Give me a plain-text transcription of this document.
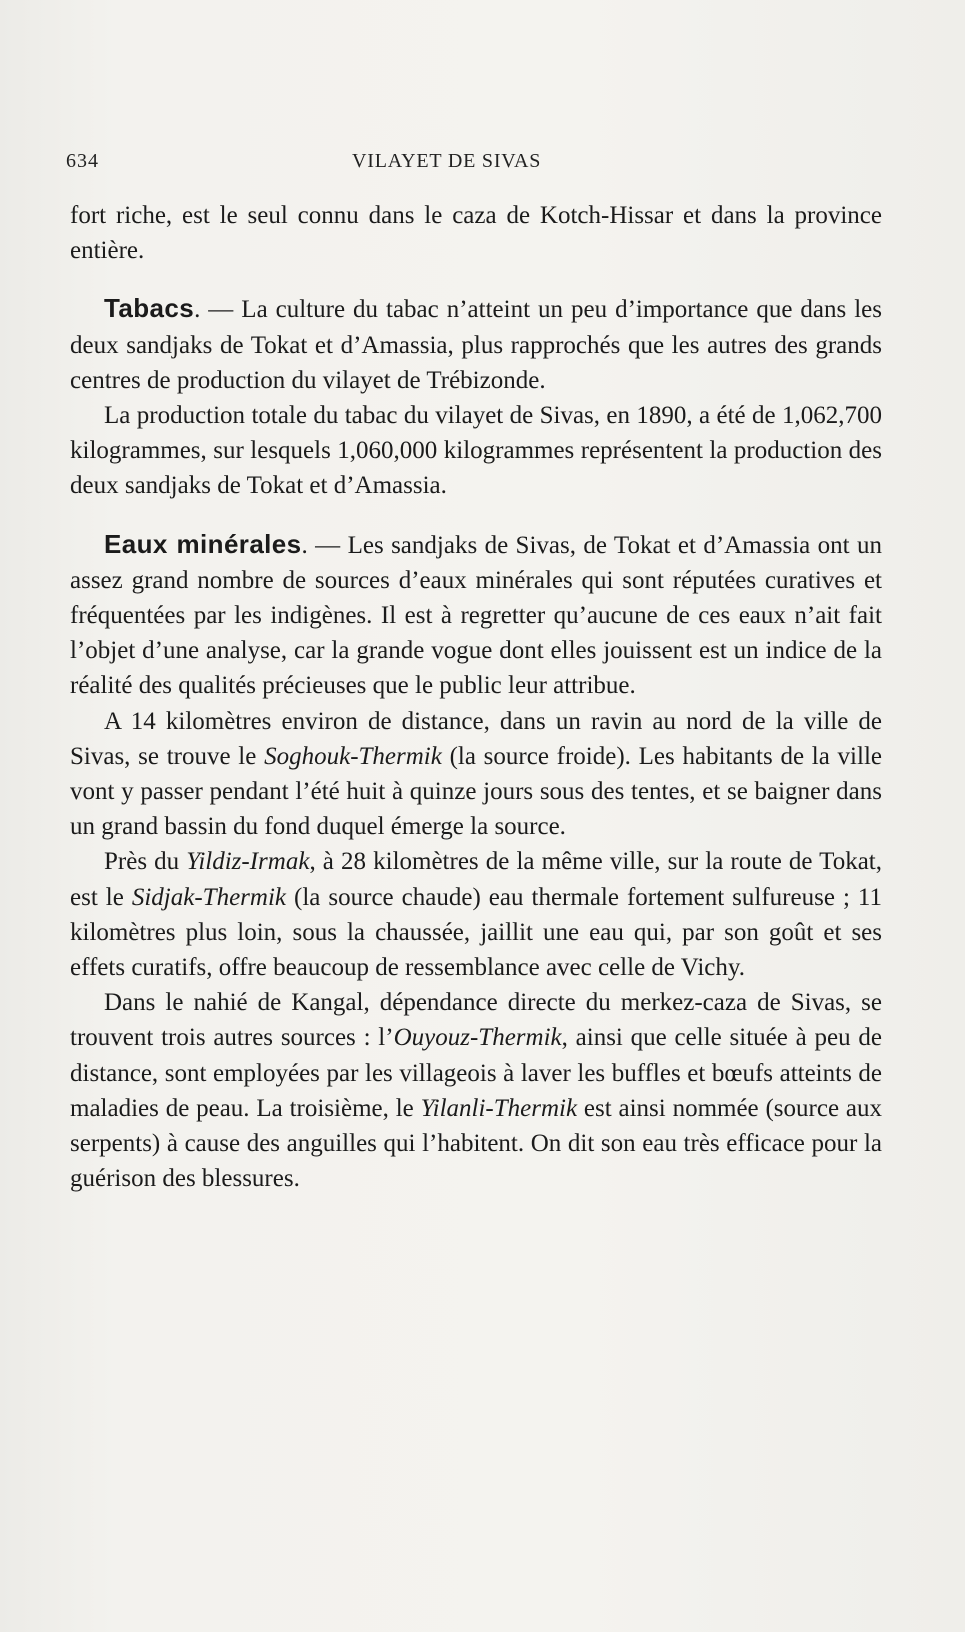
634	VILAYET DE SIVAS

fort riche, est le seul connu dans le caza de Kotch-Hissar et dans la province entière.

Tabacs. — La culture du tabac n’atteint un peu d’importance que dans les deux sandjaks de Tokat et d’Amassia, plus rapprochés que les autres des grands centres de production du vilayet de Trébizonde.

La production totale du tabac du vilayet de Sivas, en 1890, a été de 1,062,700 kilogrammes, sur lesquels 1,060,000 kilogrammes représentent la production des deux sandjaks de Tokat et d’Amassia.

Eaux minérales. — Les sandjaks de Sivas, de Tokat et d’Amassia ont un assez grand nombre de sources d’eaux minérales qui sont réputées curatives et fréquentées par les indigènes. Il est à regretter qu’aucune de ces eaux n’ait fait l’objet d’une analyse, car la grande vogue dont elles jouissent est un indice de la réalité des qualités précieuses que le public leur attribue.

A 14 kilomètres environ de distance, dans un ravin au nord de la ville de Sivas, se trouve le Soghouk-Thermik (la source froide). Les habitants de la ville vont y passer pendant l’été huit à quinze jours sous des tentes, et se baigner dans un grand bassin du fond duquel émerge la source.

Près du Yildiz-Irmak, à 28 kilomètres de la même ville, sur la route de Tokat, est le Sidjak-Thermik (la source chaude) eau thermale fortement sulfureuse ; 11 kilomètres plus loin, sous la chaussée, jaillit une eau qui, par son goût et ses effets curatifs, offre beaucoup de ressemblance avec celle de Vichy.

Dans le nahié de Kangal, dépendance directe du merkez-caza de Sivas, se trouvent trois autres sources : l’Ouyouz-Thermik, ainsi que celle située à peu de distance, sont employées par les villageois à laver les buffles et bœufs atteints de maladies de peau. La troisième, le Yilanli-Thermik est ainsi nommée (source aux serpents) à cause des anguilles qui l’habitent. On dit son eau très efficace pour la guérison des blessures.
